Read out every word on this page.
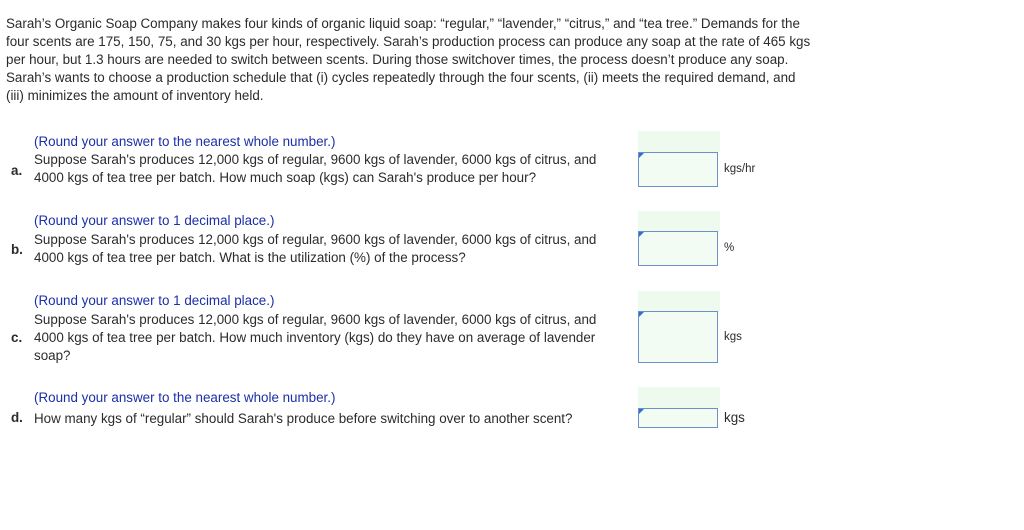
Sarah’s Organic Soap Company makes four kinds of organic liquid soap: “regular,” “lavender,” “citrus,” and “tea tree.” Demands for the

four scents are 175, 150, 75, and 30 kgs per hour, respectively. Sarah’s production process can produce any soap at the rate of 465 kgs

per hour, but 1.3 hours are needed to switch between scents. During those switchover times, the process doesn’t produce any soap.

Sarah’s wants to choose a production schedule that (i) cycles repeatedly through the four scents, (ii) meets the required demand, and

(iii) minimizes the amount of inventory held.

(Round your answer to the nearest whole number.)
a.
Suppose Sarah's produces 12,000 kgs of regular, 9600 kgs of lavender, 6000 kgs of citrus, and
4000 kgs of tea tree per batch. How much soap (kgs) can Sarah's produce per hour?
kgs/hr
(Round your answer to 1 decimal place.)
b.
Suppose Sarah's produces 12,000 kgs of regular, 9600 kgs of lavender, 6000 kgs of citrus, and
4000 kgs of tea tree per batch. What is the utilization (%) of the process?
%
(Round your answer to 1 decimal place.)
c.
Suppose Sarah's produces 12,000 kgs of regular, 9600 kgs of lavender, 6000 kgs of citrus, and
4000 kgs of tea tree per batch. How much inventory (kgs) do they have on average of lavender
soap?
kgs
(Round your answer to the nearest whole number.)
d. How many kgs of “regular” should Sarah's produce before switching over to another scent?	kgs
